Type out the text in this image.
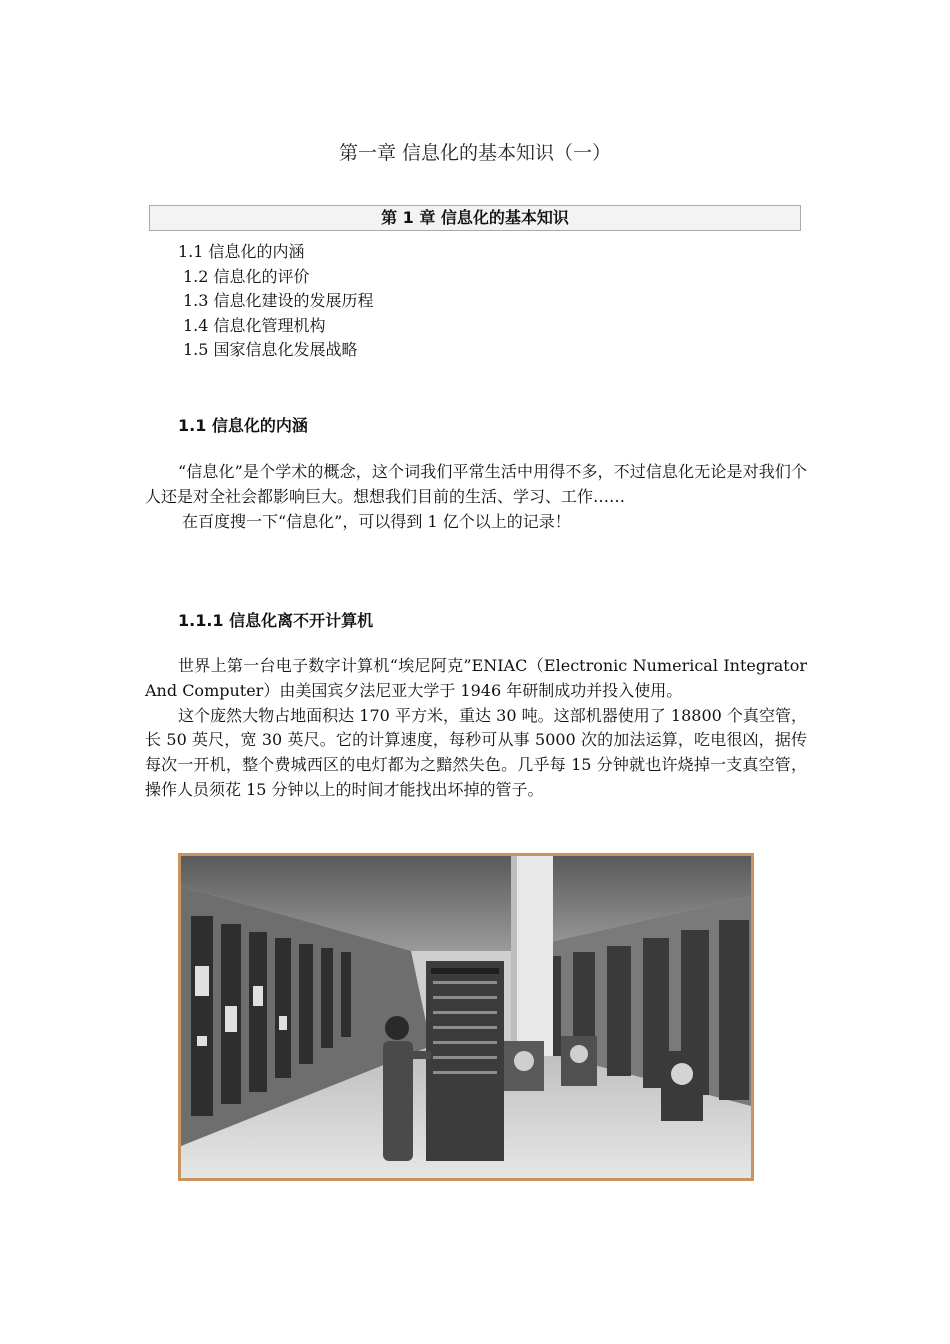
第一章 信息化的基本知识（一）
第 1 章 信息化的基本知识
1.1 信息化的内涵
1.2 信息化的评价
1.3 信息化建设的发展历程
1.4 信息化管理机构
1.5 国家信息化发展战略
1.1 信息化的内涵

“信息化”是个学术的概念，这个词我们平常生活中用得不多，不过信息化无论是对我们个人还是对全社会都影响巨大。想想我们目前的生活、学习、工作……

在百度搜一下“信息化”，可以得到 1 亿个以上的记录！

1.1.1 信息化离不开计算机

世界上第一台电子数字计算机“埃尼阿克”ENIAC（Electronic Numerical Integrator And Computer）由美国宾夕法尼亚大学于 1946 年研制成功并投入使用。

这个庞然大物占地面积达 170 平方米，重达 30 吨。这部机器使用了 18800 个真空管，长 50 英尺，宽 30 英尺。它的计算速度，每秒可从事 5000 次的加法运算，吃电很凶，据传每次一开机，整个费城西区的电灯都为之黯然失色。几乎每 15 分钟就也许烧掉一支真空管，操作人员须花 15 分钟以上的时间才能找出坏掉的管子。
